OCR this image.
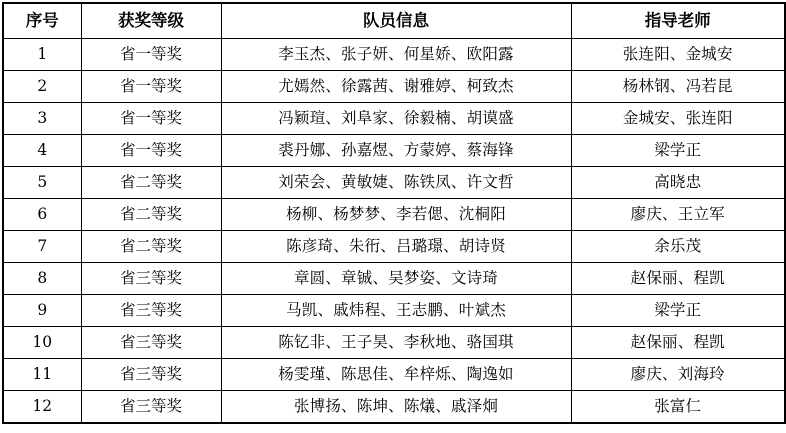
序号	获奖等级	队员信息	指导老师
1	省一等奖	李玉杰、张子妍、何星娇、欧阳露	张连阳、金城安
2	省一等奖	尤嫣然、徐露茜、谢雅婷、柯致杰	杨林钢、冯若昆
3	省一等奖	冯颖瑄、刘阜家、徐毅楠、胡谟盛	金城安、张连阳
4	省一等奖	裘丹娜、孙嘉煜、方蒙婷、蔡海锋	梁学正
5	省二等奖	刘荣会、黄敏婕、陈铁凤、许文哲	高晓忠
6	省二等奖	杨柳、杨梦梦、李若偲、沈桐阳	廖庆、王立军
7	省二等奖	陈彦琦、朱衎、吕璐璟、胡诗贤	余乐茂
8	省三等奖	章圆、章铖、吴梦姿、文诗琦	赵保丽、程凯
9	省三等奖	马凯、戚炜程、王志鹏、叶斌杰	梁学正
10	省三等奖	陈钇非、王子昊、李秋地、骆国琪	赵保丽、程凯
11	省三等奖	杨雯瑾、陈思佳、牟梓烁、陶逸如	廖庆、刘海玲
12	省三等奖	张博扬、陈坤、陈燨、戚泽炯	张富仁
